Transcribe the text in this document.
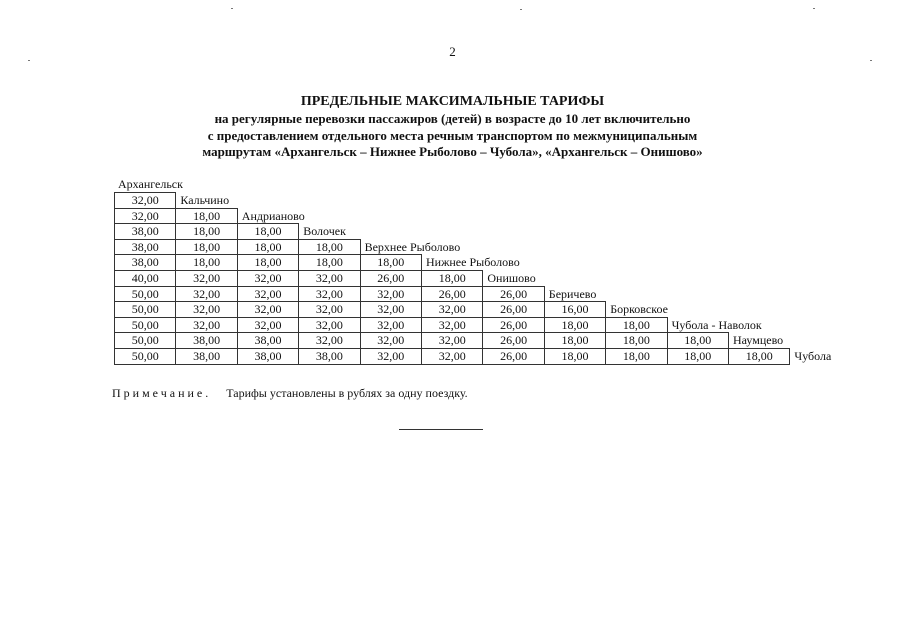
2
ПРЕДЕЛЬНЫЕ МАКСИМАЛЬНЫЕ ТАРИФЫ
на регулярные перевозки пассажиров (детей) в возрасте до 10 лет включительно
с предоставлением отдельного места речным транспортом по межмуниципальным
маршрутам «Архангельск – Нижнее Рыболово – Чубола», «Архангельск – Онишово»
Архангельск
32,00	Кальчино
32,00	18,00	Андрианово
38,00	18,00	18,00	Волочек
38,00	18,00	18,00	18,00	Верхнее Рыболово
38,00	18,00	18,00	18,00	18,00	Нижнее Рыболово
40,00	32,00	32,00	32,00	26,00	18,00	Онишово
50,00	32,00	32,00	32,00	32,00	26,00	26,00	Беричево
50,00	32,00	32,00	32,00	32,00	32,00	26,00	16,00	Борковское
50,00	32,00	32,00	32,00	32,00	32,00	26,00	18,00	18,00	Чубола - Наволок
50,00	38,00	38,00	32,00	32,00	32,00	26,00	18,00	18,00	18,00	Наумцево
50,00	38,00	38,00	38,00	32,00	32,00	26,00	18,00	18,00	18,00	18,00	Чубола
Примечание. Тарифы установлены в рублях за одну поездку.
